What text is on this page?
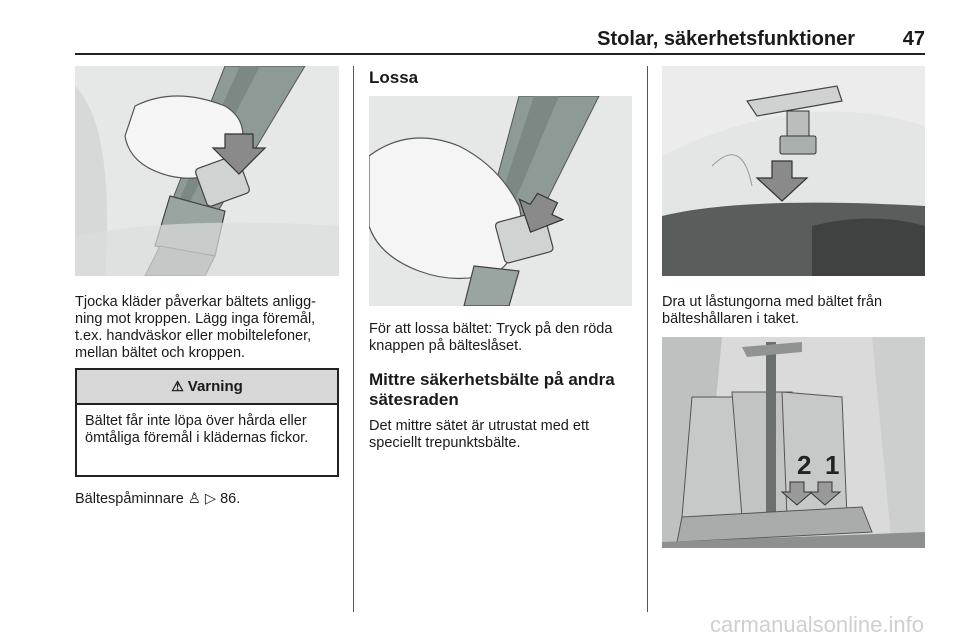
Stolar, säkerhetsfunktioner 47

Tjocka kläder påverkar bältets anligg-ning mot kroppen. Lägg inga föremål, t.ex. handväskor eller mobiltelefoner, mellan bältet och kroppen.

⚠ Varning
Bältet får inte löpa över hårda eller ömtåliga föremål i klädernas fickor.

Bältespåminnare ♙ ▷ 86.

Lossa

För att lossa bältet: Tryck på den röda knappen på bälteslåset.

Mittre säkerhetsbälte på andra sätesraden

Det mittre sätet är utrustat med ett speciellt trepunktsbälte.

Dra ut låstungorna med bältet från bälteshållaren i taket.

2 1
carmanualsonline.info
